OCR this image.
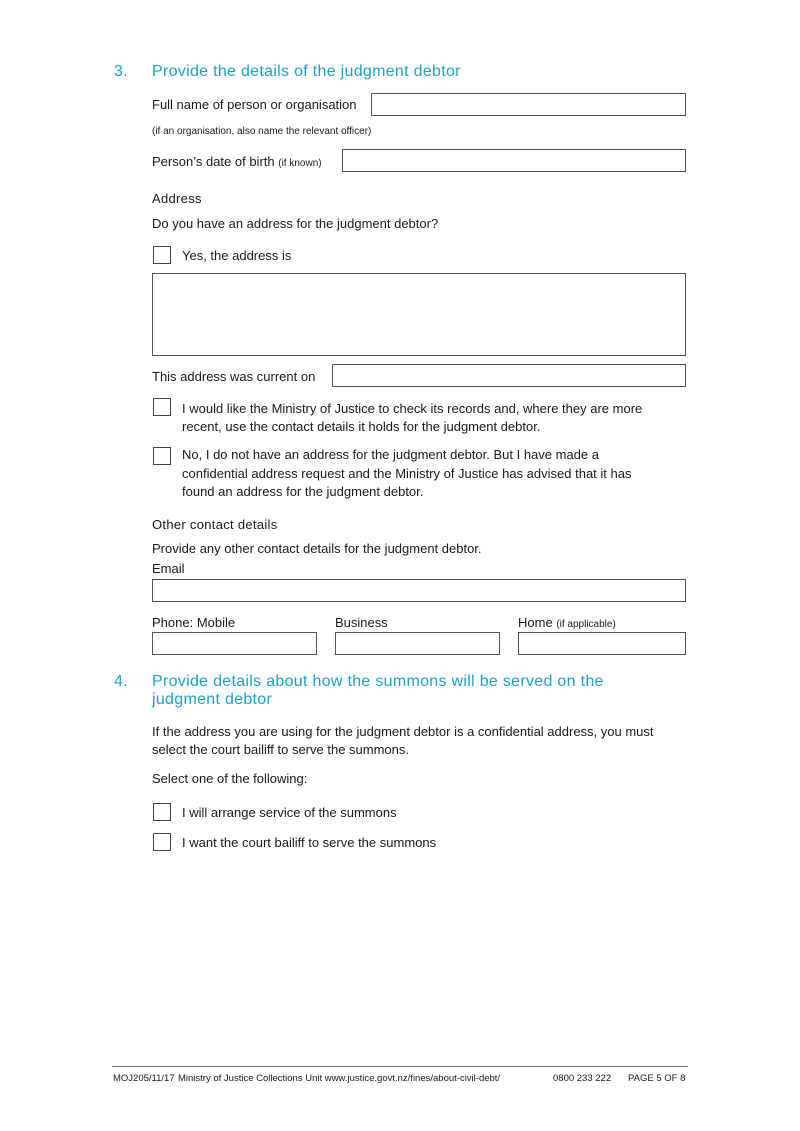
3. Provide the details of the judgment debtor
Full name of person or organisation
(if an organisation, also name the relevant officer)
Person’s date of birth (if known)
Address
Do you have an address for the judgment debtor?
Yes, the address is
This address was current on
I would like the Ministry of Justice to check its records and, where they are more
recent, use the contact details it holds for the judgment debtor.
No, I do not have an address for the judgment debtor. But I have made a
confidential address request and the Ministry of Justice has advised that it has
found an address for the judgment debtor.
Other contact details
Provide any other contact details for the judgment debtor.
Email
Phone: Mobile	Business	Home (if applicable)
4. Provide details about how the summons will be served on the
judgment debtor
If the address you are using for the judgment debtor is a confidential address, you must
select the court bailiff to serve the summons.
Select one of the following:
I will arrange service of the summons
I want the court bailiff to serve the summons
MOJ205/11/17 Ministry of Justice Collections Unit www.justice.govt.nz/fines/about-civil-debt/	0800 233 222 PAGE 5 OF 8
